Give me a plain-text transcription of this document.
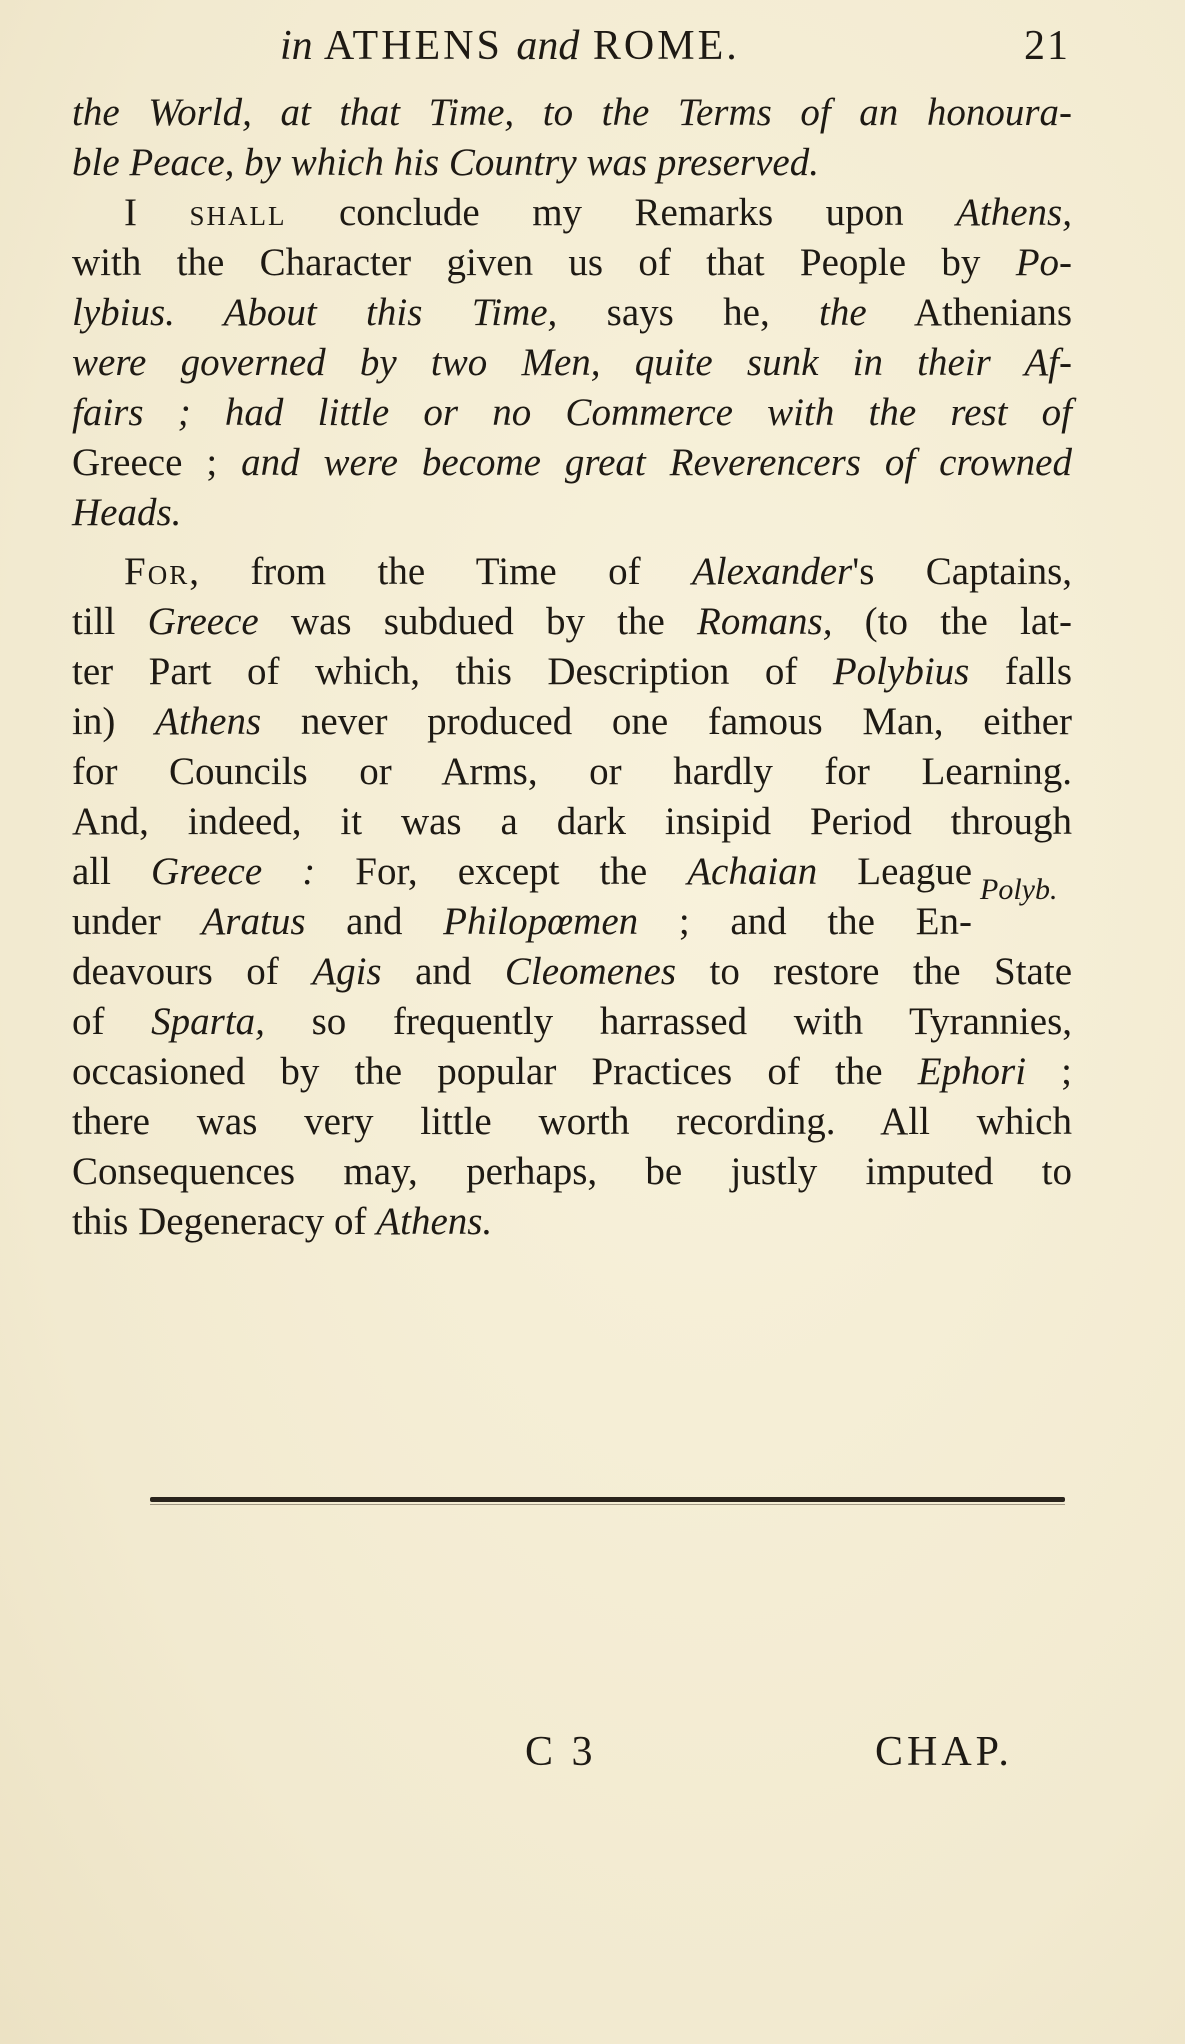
in ATHENS and ROME.	21
the World, at that Time, to the Terms of an honoura-
ble Peace, by which his Country was preserved.
I shall conclude my Remarks upon Athens,
with the Character given us of that People by Po-
lybius. About this Time, says he, the Athenians
were governed by two Men, quite sunk in their Af-
fairs ; had little or no Commerce with the rest of
Greece ; and were become great Reverencers of crowned
Heads.
For, from the Time of Alexander's Captains,
till Greece was subdued by the Romans, (to the lat-
ter Part of which, this Description of Polybius falls
in) Athens never produced one famous Man, either
for Councils or Arms, or hardly for Learning.
And, indeed, it was a dark insipid Period through
all Greece : For, except the Achaian League
under Aratus and Philopœmen ; and the En-
deavours of Agis and Cleomenes to restore the State
of Sparta, so frequently harrassed with Tyrannies,
occasioned by the popular Practices of the Ephori ;
there was very little worth recording. All which
Consequences may, perhaps, be justly imputed to
this Degeneracy of Athens.
Polyb.
C 3	CHAP.
